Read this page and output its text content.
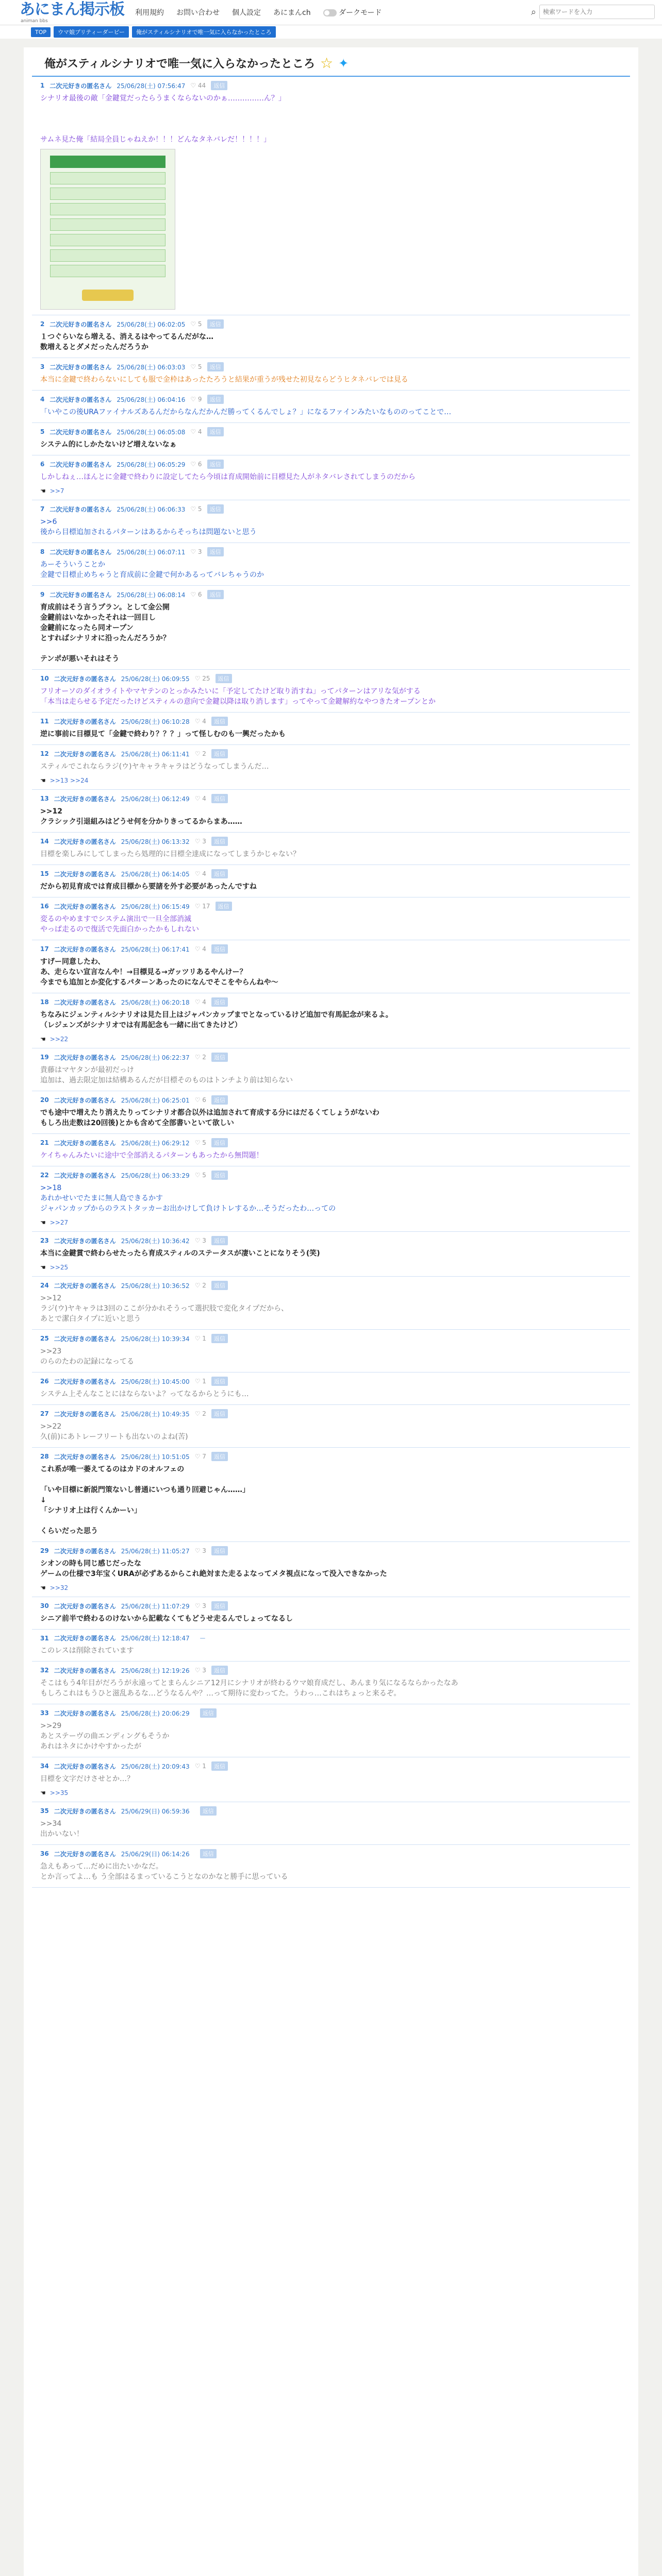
あにまん掲示板
animan bbs
利用規約 お問い合わせ 個人設定 あにまんch	ダークモード	⌕
検索ワードを入力
TOP	ウマ娘プリティーダービー	俺がスティルシナリオで唯一気に入らなかったところ
俺がスティルシナリオで唯一気に入らなかったところ ☆ ✦
1 二次元好きの匿名さん 25/06/28(土) 07:56:47 ♡ 44	返信
シナリオ最後の敵「金鍵覚だったらうまくならないのかぁ……………ん？」

サムネ見た俺「結局全員じゃねえか！！！どんなタネバレだ！！！！」
2 二次元好きの匿名さん 25/06/28(土) 06:02:05 ♡ 5	返信
１つぐらいなら増える、消えるはやってるんだがな…
数増えるとダメだったんだろうか
3 二次元好きの匿名さん 25/06/28(土) 06:03:03 ♡ 5	返信
本当に金鍵で終わらないにしても服で金枠はあったたろうと結果が重うが残せた初見ならどうヒタネバレでは見る
4 二次元好きの匿名さん 25/06/28(土) 06:04:16 ♡ 9	返信
「いやこの後URAファイナルズあるんだからなんだかんだ勝ってくるんでしょ？」になるファインみたいなもののってことで…
5 二次元好きの匿名さん 25/06/28(土) 06:05:08 ♡ 4	返信
システム的にしかたないけど増えないなぁ
6 二次元好きの匿名さん 25/06/28(土) 06:05:29 ♡ 6	返信
しかしねぇ…ほんとに金鍵で終わりに設定してたら今頃は育成開始前に目標見た人がネタバレされてしまうのだから
☚ >>7
7 二次元好きの匿名さん 25/06/28(土) 06:06:33 ♡ 5	返信
>>6
後から目標追加されるパターンはあるからそっちは問題ないと思う
8 二次元好きの匿名さん 25/06/28(土) 06:07:11 ♡ 3	返信
あーそういうことか
金鍵で目標止めちゃうと育成前に金鍵で何かあるってバレちゃうのか
9 二次元好きの匿名さん 25/06/28(土) 06:08:14 ♡ 6	返信
育成前はそう言うプラン。として金公開
金鍵前はいなかったそれは一回目し
金鍵前になったら同オープン
とすればシナリオに沿ったんだろうか？

テンポが悪いそれはそう
10 二次元好きの匿名さん 25/06/28(土) 06:09:55 ♡ 25	返信
フリオーソのダイオライトやマヤテンのとっかみたいに「予定してたけど取り消すね」ってパターンはアリな気がする
「本当は走らせる予定だったけどスティルの意向で金鍵以降は取り消します」ってやって金鍵解約なやつきたオープンとか
11 二次元好きの匿名さん 25/06/28(土) 06:10:28 ♡ 4	返信
逆に事前に目標見て「金鍵で終わり？？？」って怪しむのも一興だったかも
12 二次元好きの匿名さん 25/06/28(土) 06:11:41 ♡ 2	返信
スティルでこれならラジ(ウ)ヤキャラキャラはどうなってしまうんだ…
☚ >>13 >>24
13 二次元好きの匿名さん 25/06/28(土) 06:12:49 ♡ 4	返信
>>12
クラシック引退組みはどうせ何を分かりきってるからまあ……
14 二次元好きの匿名さん 25/06/28(土) 06:13:32 ♡ 3	返信
目標を楽しみにしてしまったら処理的に目標全達成になってしまうかじゃない？
15 二次元好きの匿名さん 25/06/28(土) 06:14:05 ♡ 4	返信
だから初見育成では育成目標から要諸を外す必要があったんですね
16 二次元好きの匿名さん 25/06/28(土) 06:15:49 ♡ 17	返信
変るのやめますでシステム演出で一旦全部消滅
やっぱ走るので復活で先面白かったかもしれない
17 二次元好きの匿名さん 25/06/28(土) 06:17:41 ♡ 4	返信
すげー同意したわ、
あ、走らない宣言なんや！→目標見る→ガッツリあるやんけー？
今までも追加とか変化するパターンあったのになんでそこをやらんねや〜
18 二次元好きの匿名さん 25/06/28(土) 06:20:18 ♡ 4	返信
ちなみにジェンティルシナリオは見た目上はジャパンカップまでとなっているけど追加で有馬記念が来るよ。
（レジェンズがシナリオでは有馬記念も一緒に出てきたけど）
☚ >>22
19 二次元好きの匿名さん 25/06/28(土) 06:22:37 ♡ 2	返信
貴藤はマヤタンが最初だっけ
追加は、過去限定加は結構あるんだが目標そのものはトンチより前は知らない
20 二次元好きの匿名さん 25/06/28(土) 06:25:01 ♡ 6	返信
でも途中で増えたり消えたりってシナリオ都合以外は追加されて育成する分にはだるくてしょうがないわ
もしろ出走数は20回後)とかも含めて全部書いといて欲しい
21 二次元好きの匿名さん 25/06/28(土) 06:29:12 ♡ 5	返信
ケイちゃんみたいに途中で全部消えるパターンもあったから無問題！
22 二次元好きの匿名さん 25/06/28(土) 06:33:29 ♡ 5	返信
>>18
あれかせいでたまに無人島できるかす
ジャパンカップからのラストタッカーお出かけして負けトレするか…そうだったわ…っての
☚ >>27
23 二次元好きの匿名さん 25/06/28(土) 10:36:42 ♡ 3	返信
本当に金鍵賞で終わらせたったら育成スティルのステータスが凄いことになりそう(笑)
☚ >>25
24 二次元好きの匿名さん 25/06/28(土) 10:36:52 ♡ 2	返信
>>12
ラジ(ウ)ヤキャラは3回のここが分かれそうって選択肢で変化タイプだから、
あとで潔白タイプに近いと思う
25 二次元好きの匿名さん 25/06/28(土) 10:39:34 ♡ 1	返信
>>23
のらのたわの記録になってる
26 二次元好きの匿名さん 25/06/28(土) 10:45:00 ♡ 1	返信
システム上そんなことにはならないよ？ってなるからとうにも…
27 二次元好きの匿名さん 25/06/28(土) 10:49:35 ♡ 2	返信
>>22
久(前)にあトレーフリートも出ないのよね(苦)
28 二次元好きの匿名さん 25/06/28(土) 10:51:05 ♡ 7	返信
これ系が唯一萎えてるのはカドのオルフェの

「いや目標に新説門策ないし普通にいつも通り回避じゃん……」
↓
「シナリオ上は行くんかーい」

くらいだった思う
29 二次元好きの匿名さん 25/06/28(土) 11:05:27 ♡ 3	返信
シオンの時も同じ感じだったな
ゲームの仕様で3年宝くURAが必ずあるからこれ絶対また走るよなってメタ視点になって没入できなかった
☚ >>32
30 二次元好きの匿名さん 25/06/28(土) 11:07:29 ♡ 3	返信
シニア前半で終わるのけないから記載なくてもどうせ走るんでしょってなるし
31 二次元好きの匿名さん 25/06/28(土) 12:18:47
このレスは削除されています
32 二次元好きの匿名さん 25/06/28(土) 12:19:26 ♡ 3	返信
そこはもう4年目がだろうが永遠ってとまらんシニア12月にシナリオが終わるウマ娘育成だし、あんまり気になるならかったなあ
もしろこれはもうひと滋乱あるな…どうなるんや？…って期待に変わってた。うわっ…これはちょっと来るぞ。
33 二次元好きの匿名さん 25/06/28(土) 20:06:29	返信
>>29
あとステーヴの曲エンディングもそうか
あれはネタにかけやすかったが
34 二次元好きの匿名さん 25/06/28(土) 20:09:43 ♡ 1	返信
目標を文字だけさせとか…？
☚ >>35
35 二次元好きの匿名さん 25/06/29(日) 06:59:36	返信
>>34
出かいない！
36 二次元好きの匿名さん 25/06/29(日) 06:14:26	返信
急えもあって…だめに出たいかなだ。
とか言ってよ…も う全部はるまっているこうとなのかなと勝手に思っている
